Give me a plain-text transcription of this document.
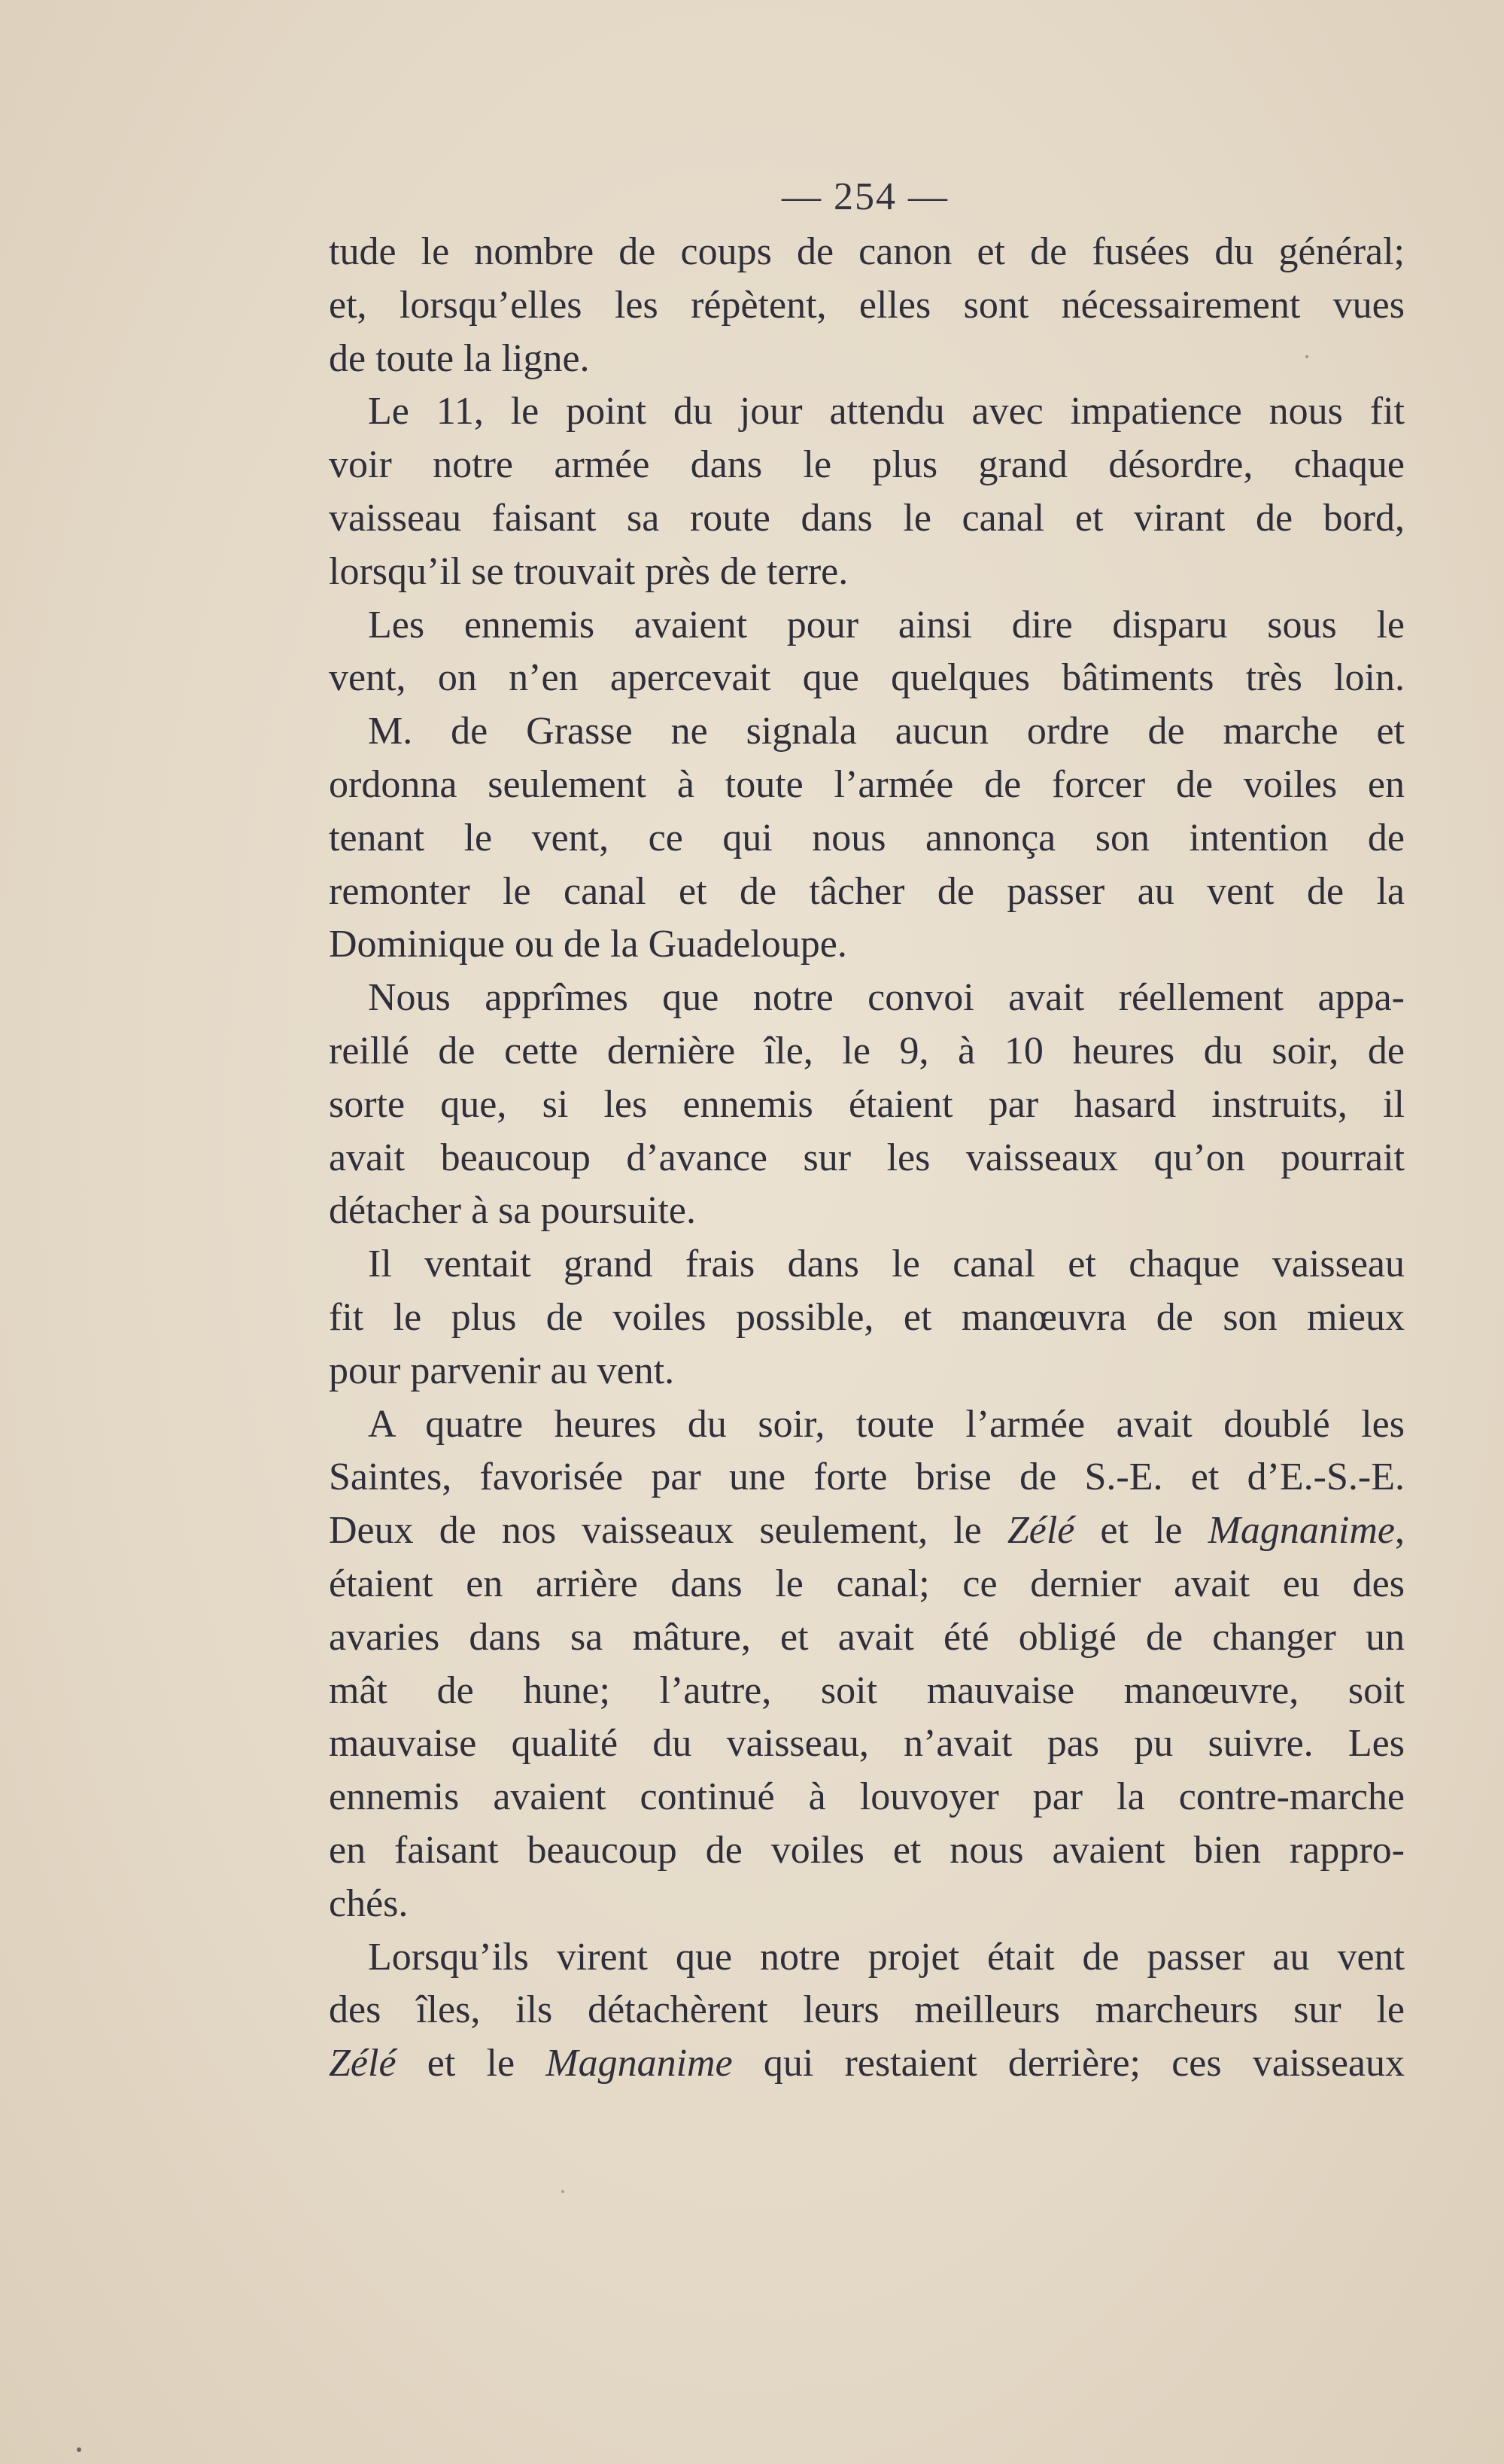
— 254 —
tude le nombre de coups de canon et de fusées du général;
et, lorsqu’elles les répètent, elles sont nécessairement vues
de toute la ligne.
Le 11, le point du jour attendu avec impatience nous fit
voir notre armée dans le plus grand désordre, chaque
vaisseau faisant sa route dans le canal et virant de bord,
lorsqu’il se trouvait près de terre.
Les ennemis avaient pour ainsi dire disparu sous le
vent, on n’en apercevait que quelques bâtiments très loin.
M. de Grasse ne signala aucun ordre de marche et
ordonna seulement à toute l’armée de forcer de voiles en
tenant le vent, ce qui nous annonça son intention de
remonter le canal et de tâcher de passer au vent de la
Dominique ou de la Guadeloupe.
Nous apprîmes que notre convoi avait réellement appa-
reillé de cette dernière île, le 9, à 10 heures du soir, de
sorte que, si les ennemis étaient par hasard instruits, il
avait beaucoup d’avance sur les vaisseaux qu’on pourrait
détacher à sa poursuite.
Il ventait grand frais dans le canal et chaque vaisseau
fit le plus de voiles possible, et manœuvra de son mieux
pour parvenir au vent.
A quatre heures du soir, toute l’armée avait doublé les
Saintes, favorisée par une forte brise de S.-E. et d’E.-S.-E.
Deux de nos vaisseaux seulement, le Zélé et le Magnanime,
étaient en arrière dans le canal; ce dernier avait eu des
avaries dans sa mâture, et avait été obligé de changer un
mât de hune; l’autre, soit mauvaise manœuvre, soit
mauvaise qualité du vaisseau, n’avait pas pu suivre. Les
ennemis avaient continué à louvoyer par la contre-marche
en faisant beaucoup de voiles et nous avaient bien rappro-
chés.
Lorsqu’ils virent que notre projet était de passer au vent
des îles, ils détachèrent leurs meilleurs marcheurs sur le
Zélé et le Magnanime qui restaient derrière; ces vaisseaux
